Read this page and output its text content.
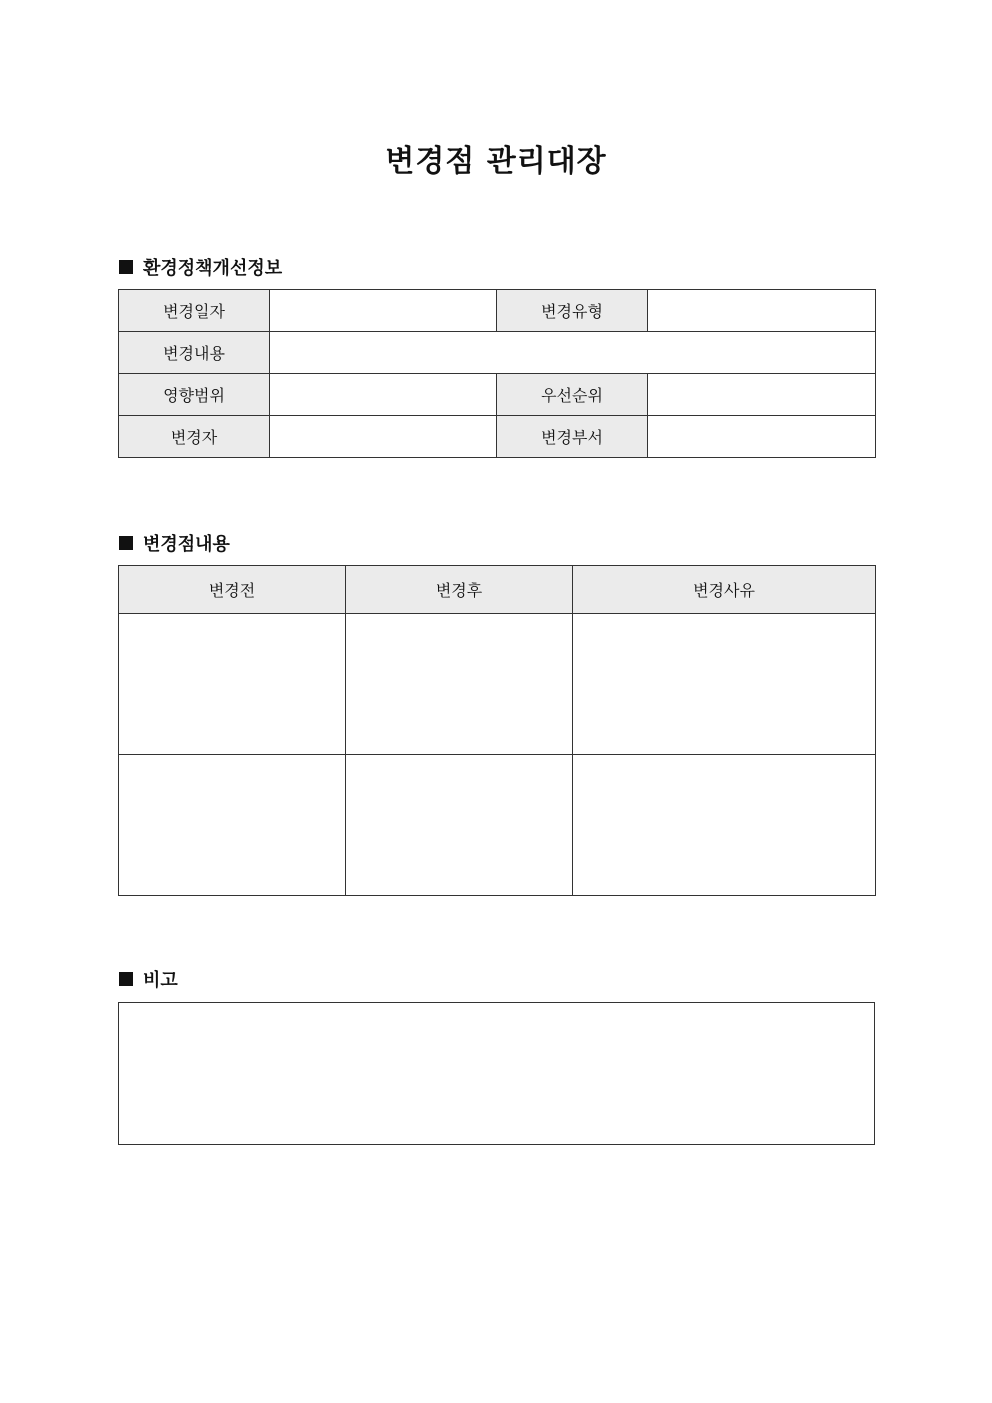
변경점 관리대장
환경정책개선정보
변경일자		변경유형	
변경내용			
영향범위		우선순위	
변경자		변경부서	
변경점내용
변경전	변경후	변경사유

비고
